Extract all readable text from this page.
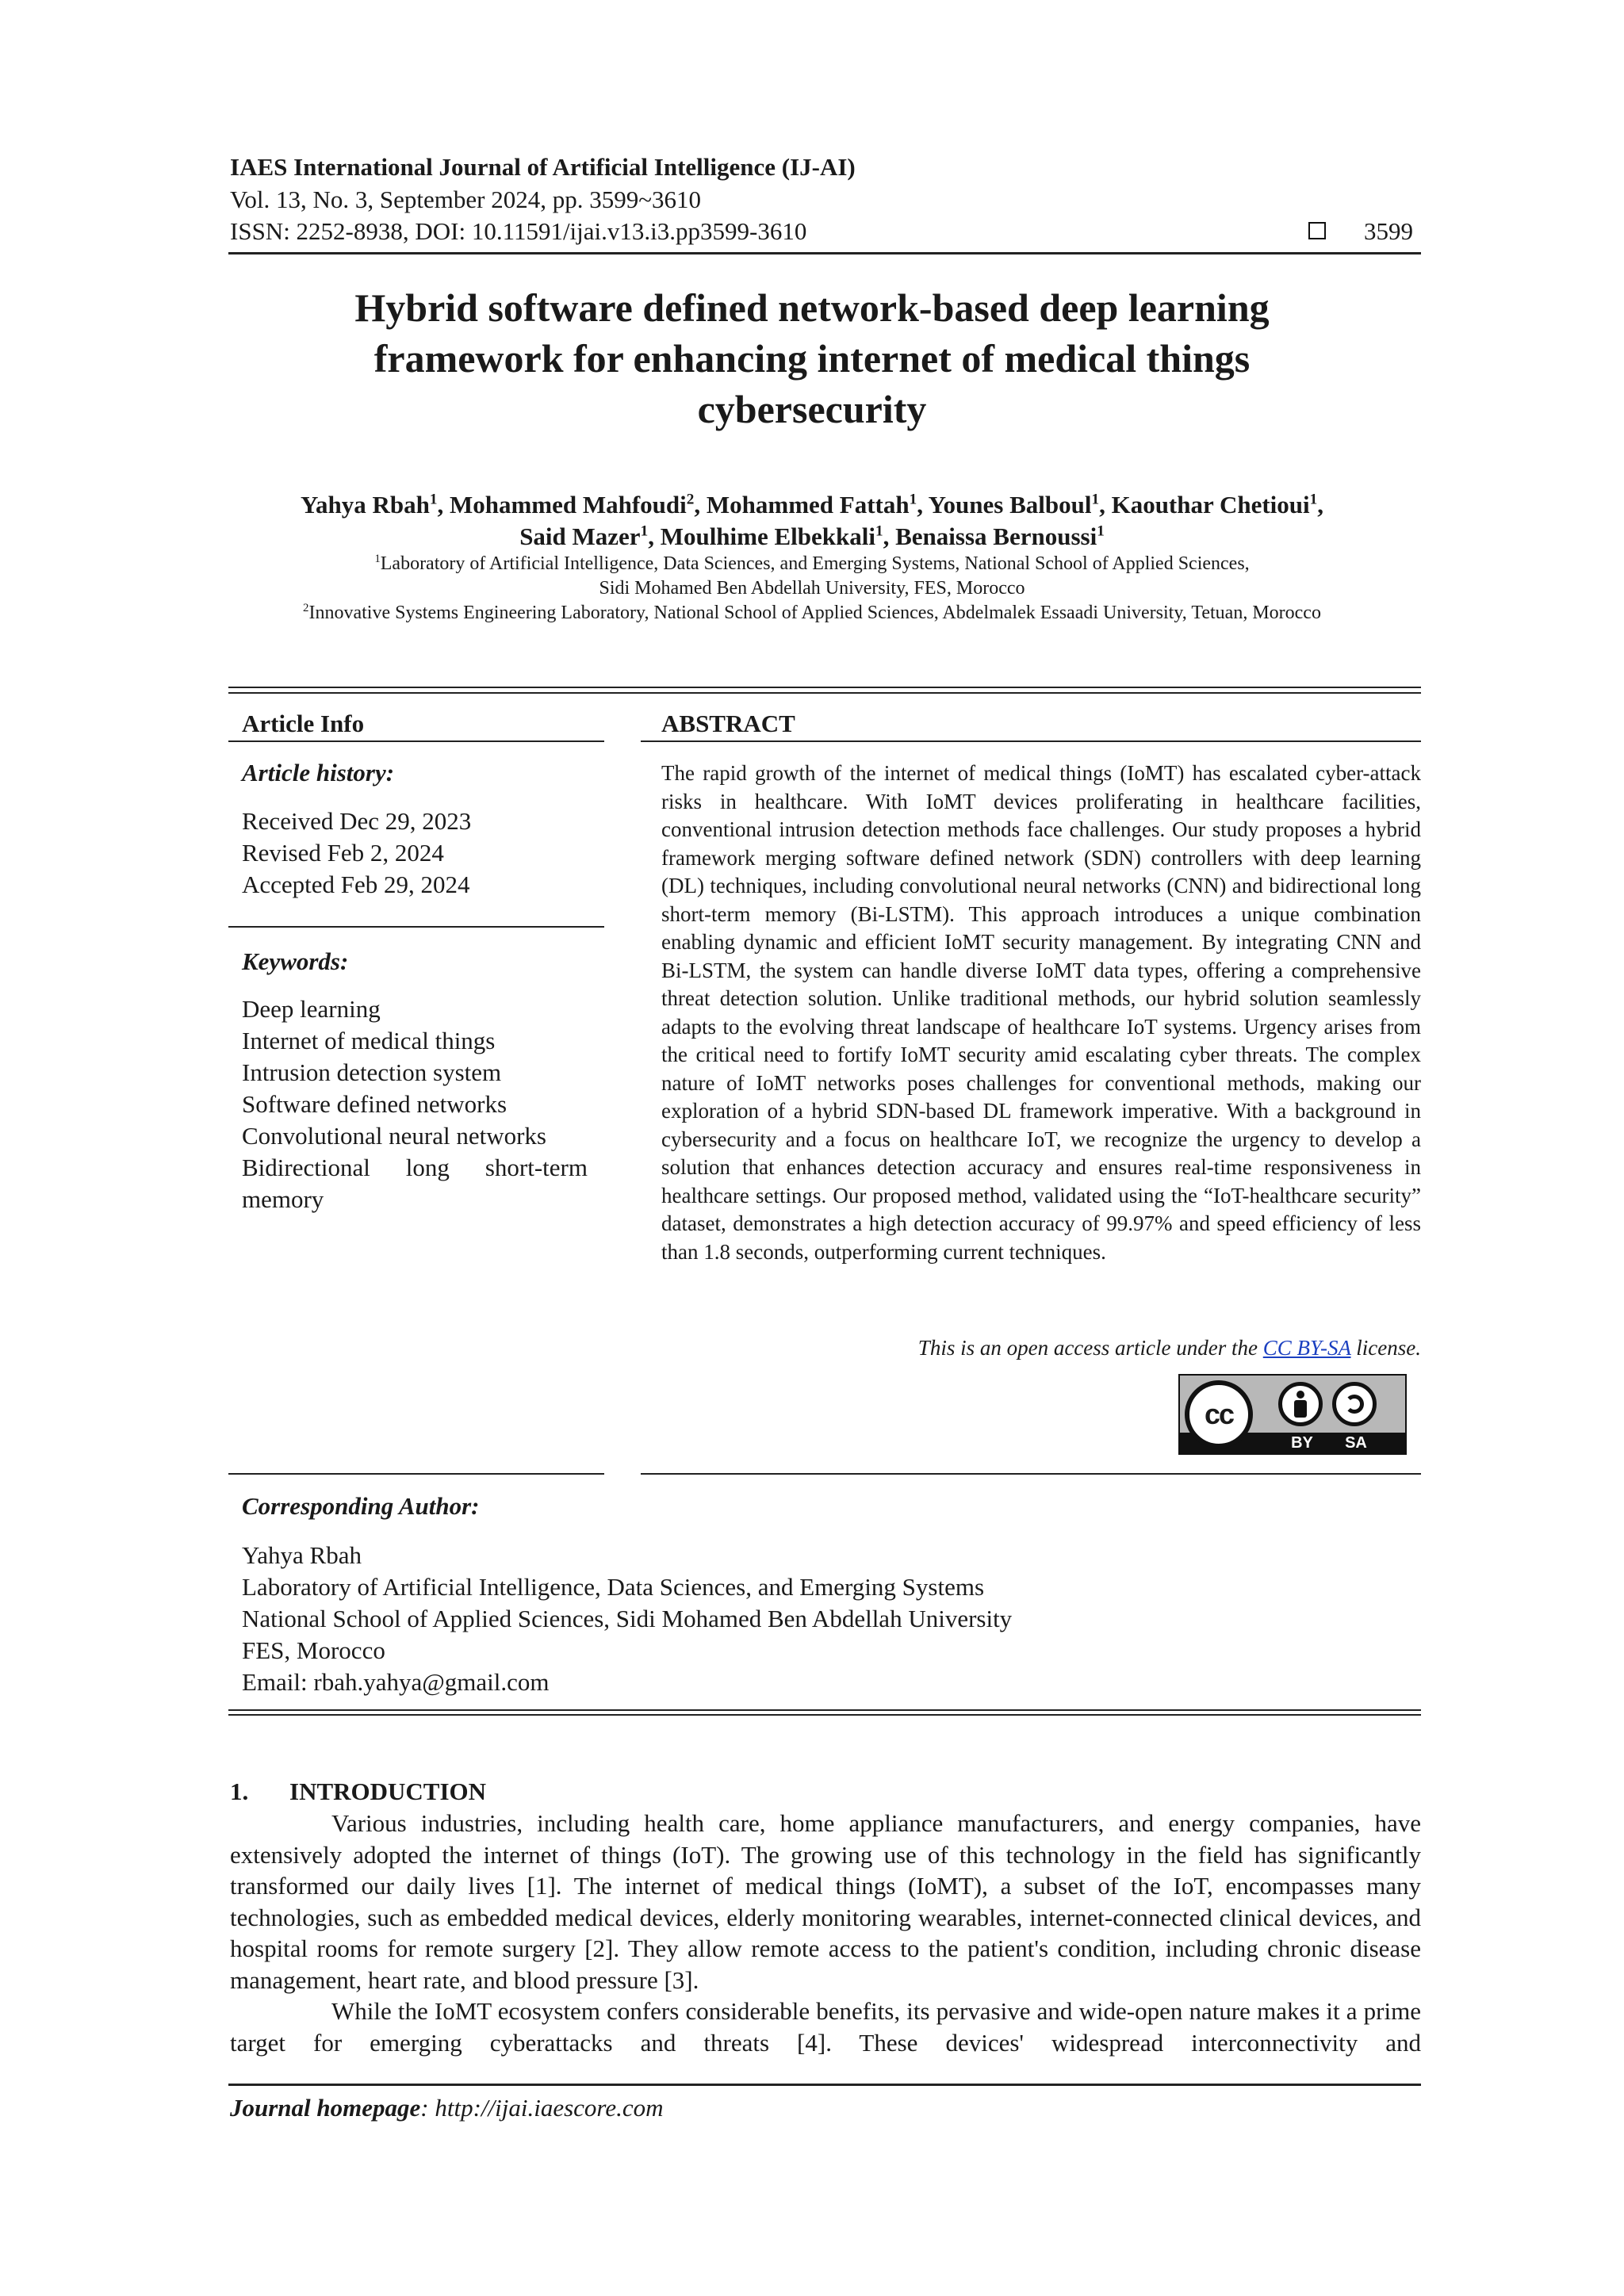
IAES International Journal of Artificial Intelligence (IJ-AI)
Vol. 13, No. 3, September 2024, pp. 3599~3610
ISSN: 2252-8938, DOI: 10.11591/ijai.v13.i3.pp3599-3610	3599
Hybrid software defined network-based deep learning
framework for enhancing internet of medical things
cybersecurity
Yahya Rbah$^1$, Mohammed Mahfoudi$^2$, Mohammed Fattah$^1$, Younes Balboul$^1$, Kaouthar Chetioui$^1$,
Said Mazer$^1$, Moulhime Elbekkali$^1$, Benaissa Bernoussi$^1$
$^1$Laboratory of Artificial Intelligence, Data Sciences, and Emerging Systems, National School of Applied Sciences,
Sidi Mohamed Ben Abdellah University, FES, Morocco
$^2$Innovative Systems Engineering Laboratory, National School of Applied Sciences, Abdelmalek Essaadi University, Tetuan, Morocco
Article Info
Article history:
Received Dec 29, 2023
Revised Feb 2, 2024
Accepted Feb 29, 2024
Keywords:
Deep learning
Internet of medical things
Intrusion detection system
Software defined networks
Convolutional neural networks
Bidirectional long short-term
memory
ABSTRACT
The rapid growth of the internet of medical things (IoMT) has escalated cyber-attack risks in healthcare. With IoMT devices proliferating in healthcare facilities, conventional intrusion detection methods face challenges. Our study proposes a hybrid framework merging software defined network (SDN) controllers with deep learning (DL) techniques, including convolutional neural networks (CNN) and bidirectional long short-term memory (Bi-LSTM). This approach introduces a unique combination enabling dynamic and efficient IoMT security management. By integrating CNN and Bi-LSTM, the system can handle diverse IoMT data types, offering a comprehensive threat detection solution. Unlike traditional methods, our hybrid solution seamlessly adapts to the evolving threat landscape of healthcare IoT systems. Urgency arises from the critical need to fortify IoMT security amid escalating cyber threats. The complex nature of IoMT networks poses challenges for conventional methods, making our exploration of a hybrid SDN-based DL framework imperative. With a background in cybersecurity and a focus on healthcare IoT, we recognize the urgency to develop a solution that enhances detection accuracy and ensures real-time responsiveness in healthcare settings. Our proposed method, validated using the “IoT-healthcare security” dataset, demonstrates a high detection accuracy of 99.97% and speed efficiency of less than 1.8 seconds, outperforming current techniques.
This is an open access article under the CC BY-SA license.
cc
BY	SA
Corresponding Author:
Yahya Rbah
Laboratory of Artificial Intelligence, Data Sciences, and Emerging Systems
National School of Applied Sciences, Sidi Mohamed Ben Abdellah University
FES, Morocco
Email: rbah.yahya@gmail.com
1. INTRODUCTION

Various industries, including health care, home appliance manufacturers, and energy companies, have extensively adopted the internet of things (IoT). The growing use of this technology in the field has significantly transformed our daily lives [1]. The internet of medical things (IoMT), a subset of the IoT, encompasses many technologies, such as embedded medical devices, elderly monitoring wearables, internet-connected clinical devices, and hospital rooms for remote surgery [2]. They allow remote access to the patient's condition, including chronic disease management, heart rate, and blood pressure [3].

While the IoMT ecosystem confers considerable benefits, its pervasive and wide-open nature makes it a prime target for emerging cyberattacks and threats [4]. These devices' widespread interconnectivity and

Journal homepage: http://ijai.iaescore.com
